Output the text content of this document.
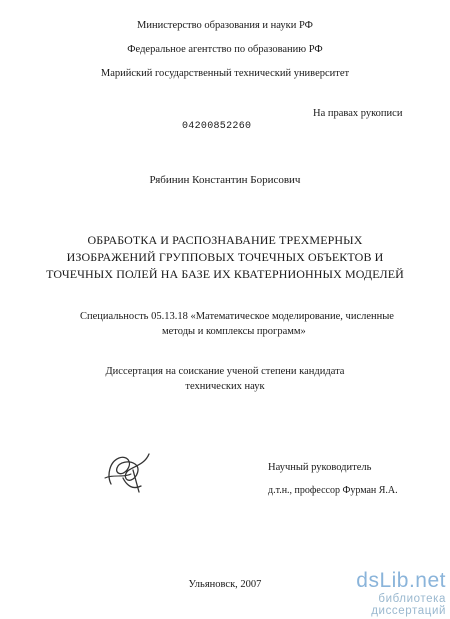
Министерство образования и науки РФ
Федеральное агентство по образованию РФ
Марийский государственный технический университет
На правах рукописи
04200852260
Рябинин Константин Борисович
ОБРАБОТКА И РАСПОЗНАВАНИЕ ТРЕХМЕРНЫХ
ИЗОБРАЖЕНИЙ ГРУППОВЫХ ТОЧЕЧНЫХ ОБЪЕКТОВ И
ТОЧЕЧНЫХ ПОЛЕЙ НА БАЗЕ ИХ КВАТЕРНИОННЫХ МОДЕЛЕЙ
Специальность 05.13.18 «Математическое моделирование, численные
методы и комплексы программ»
Диссертация на соискание ученой степени кандидата
технических наук
Научный руководитель
д.т.н., профессор Фурман Я.А.
Ульяновск, 2007	dsLib.net
библиотека диссертаций
